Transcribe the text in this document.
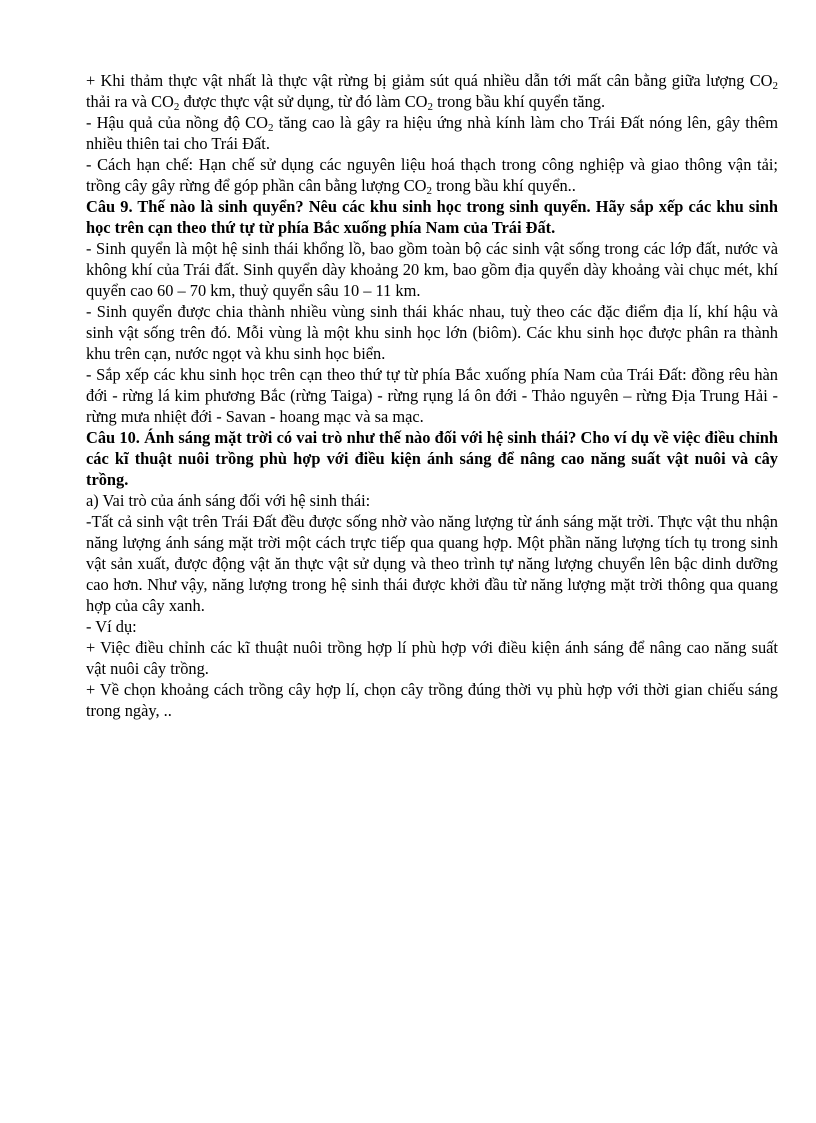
+ Khi thảm thực vật nhất là thực vật rừng bị giảm sút quá nhiều dẫn tới mất cân bằng giữa lượng $CO_2$ thải ra và $CO_2$ được thực vật sử dụng, từ đó làm $CO_2$ trong bầu khí quyển tăng.

- Hậu quả của nồng độ $CO_2$ tăng cao là gây ra hiệu ứng nhà kính làm cho Trái Đất nóng lên, gây thêm nhiều thiên tai cho Trái Đất.

- Cách hạn chế: Hạn chế sử dụng các nguyên liệu hoá thạch trong công nghiệp và giao thông vận tải; trồng cây gây rừng để góp phần cân bằng lượng $CO_2$ trong bầu khí quyển..

Câu 9. Thế nào là sinh quyển? Nêu các khu sinh học trong sinh quyển. Hãy sắp xếp các khu sinh học trên cạn theo thứ tự từ phía Bắc xuống phía Nam của Trái Đất.

- Sinh quyển là một hệ sinh thái khổng lồ, bao gồm toàn bộ các sinh vật sống trong các lớp đất, nước và không khí của Trái đất. Sinh quyển dày khoảng 20 km, bao gồm địa quyển dày khoảng vài chục mét, khí quyển cao 60 – 70 km, thuỷ quyển sâu 10 – 11 km.

- Sinh quyển được chia thành nhiều vùng sinh thái khác nhau, tuỳ theo các đặc điểm địa lí, khí hậu và sinh vật sống trên đó. Mỗi vùng là một khu sinh học lớn (biôm). Các khu sinh học được phân ra thành khu trên cạn, nước ngọt và khu sinh học biển.

- Sắp xếp các khu sinh học trên cạn theo thứ tự từ phía Bắc xuống phía Nam của Trái Đất: đồng rêu hàn đới - rừng lá kim phương Bắc (rừng Taiga) - rừng rụng lá ôn đới - Thảo nguyên – rừng Địa Trung Hải - rừng mưa nhiệt đới - Savan - hoang mạc và sa mạc.

Câu 10. Ánh sáng mặt trời có vai trò như thế nào đối với hệ sinh thái? Cho ví dụ về việc điều chỉnh các kĩ thuật nuôi trồng phù hợp với điều kiện ánh sáng để nâng cao năng suất vật nuôi và cây trồng.

a) Vai trò của ánh sáng đối với hệ sinh thái:

-Tất cả sinh vật trên Trái Đất đều được sống nhờ vào năng lượng từ ánh sáng mặt trời. Thực vật thu nhận năng lượng ánh sáng mặt trời một cách trực tiếp qua quang hợp. Một phần năng lượng tích tụ trong sinh vật sản xuất, được động vật ăn thực vật sử dụng và theo trình tự năng lượng chuyển lên bậc dinh dưỡng cao hơn. Như vậy, năng lượng trong hệ sinh thái được khởi đầu từ năng lượng mặt trời thông qua quang hợp của cây xanh.

- Ví dụ:

+ Việc điều chỉnh các kĩ thuật nuôi trồng hợp lí phù hợp với điều kiện ánh sáng để nâng cao năng suất vật nuôi cây trồng.

+ Về chọn khoảng cách trồng cây hợp lí, chọn cây trồng đúng thời vụ phù hợp với thời gian chiếu sáng trong ngày, ..
